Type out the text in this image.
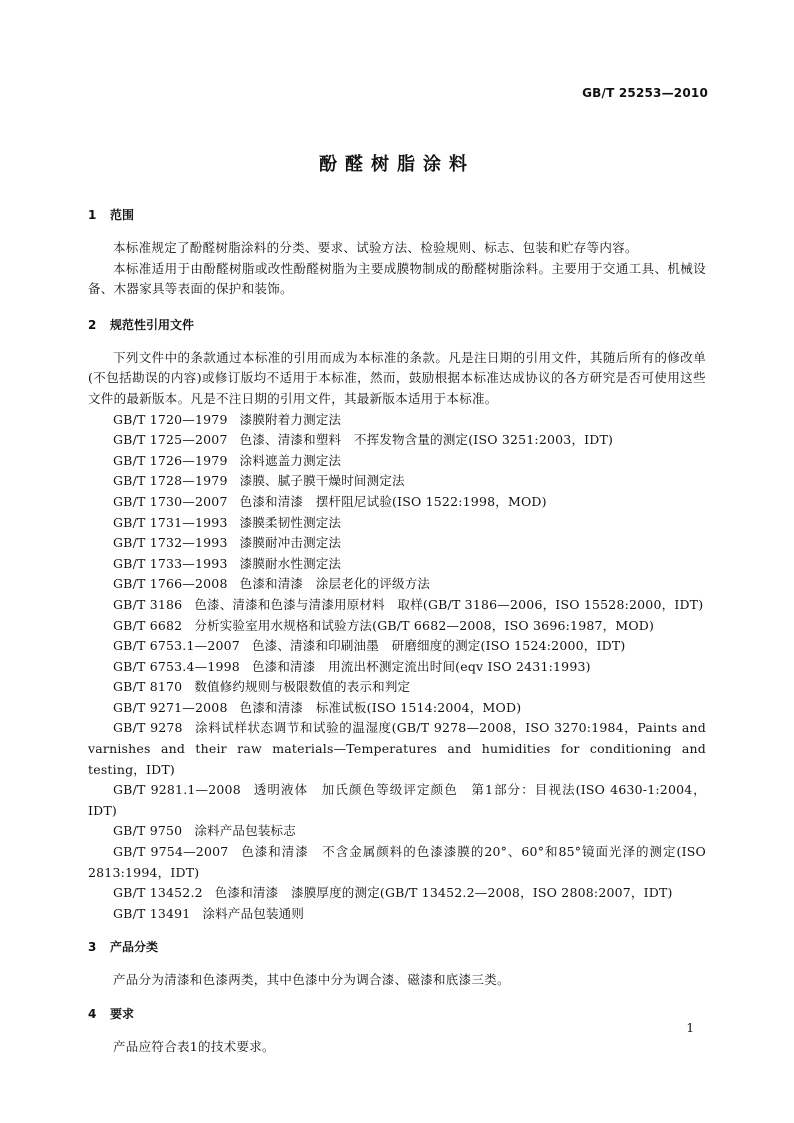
GB/T 25253—2010
酚醛树脂涂料
1 范围

本标准规定了酚醛树脂涂料的分类、要求、试验方法、检验规则、标志、包装和贮存等内容。

本标准适用于由酚醛树脂或改性酚醛树脂为主要成膜物制成的酚醛树脂涂料。主要用于交通工具、机械设备、木器家具等表面的保护和装饰。

2 规范性引用文件

下列文件中的条款通过本标准的引用而成为本标准的条款。凡是注日期的引用文件，其随后所有的修改单(不包括勘误的内容)或修订版均不适用于本标准，然而，鼓励根据本标准达成协议的各方研究是否可使用这些文件的最新版本。凡是不注日期的引用文件，其最新版本适用于本标准。

GB/T 1720—1979 漆膜附着力测定法

GB/T 1725—2007 色漆、清漆和塑料　不挥发物含量的测定(ISO 3251:2003，IDT)

GB/T 1726—1979 涂料遮盖力测定法

GB/T 1728—1979 漆膜、腻子膜干燥时间测定法

GB/T 1730—2007 色漆和清漆　摆杆阻尼试验(ISO 1522:1998，MOD)

GB/T 1731—1993 漆膜柔韧性测定法

GB/T 1732—1993 漆膜耐冲击测定法

GB/T 1733—1993 漆膜耐水性测定法

GB/T 1766—2008 色漆和清漆　涂层老化的评级方法

GB/T 3186 色漆、清漆和色漆与清漆用原材料　取样(GB/T 3186—2006，ISO 15528:2000，IDT)

GB/T 6682 分析实验室用水规格和试验方法(GB/T 6682—2008，ISO 3696:1987，MOD)

GB/T 6753.1—2007 色漆、清漆和印刷油墨　研磨细度的测定(ISO 1524:2000，IDT)

GB/T 6753.4—1998 色漆和清漆　用流出杯测定流出时间(eqv ISO 2431:1993)

GB/T 8170 数值修约规则与极限数值的表示和判定

GB/T 9271—2008 色漆和清漆　标准试板(ISO 1514:2004，MOD)

GB/T 9278 涂料试样状态调节和试验的温湿度(GB/T 9278—2008，ISO 3270:1984，Paints and varnishes and their raw materials—Temperatures and humidities for conditioning and testing，IDT)

GB/T 9281.1—2008 透明液体　加氏颜色等级评定颜色　第1部分：目视法(ISO 4630-1:2004，IDT)

GB/T 9750 涂料产品包装标志

GB/T 9754—2007 色漆和清漆　不含金属颜料的色漆漆膜的20°、60°和85°镜面光泽的测定(ISO 2813:1994，IDT)

GB/T 13452.2 色漆和清漆　漆膜厚度的测定(GB/T 13452.2—2008，ISO 2808:2007，IDT)

GB/T 13491 涂料产品包装通则

3 产品分类

产品分为清漆和色漆两类，其中色漆中分为调合漆、磁漆和底漆三类。

4 要求

产品应符合表1的技术要求。

1
